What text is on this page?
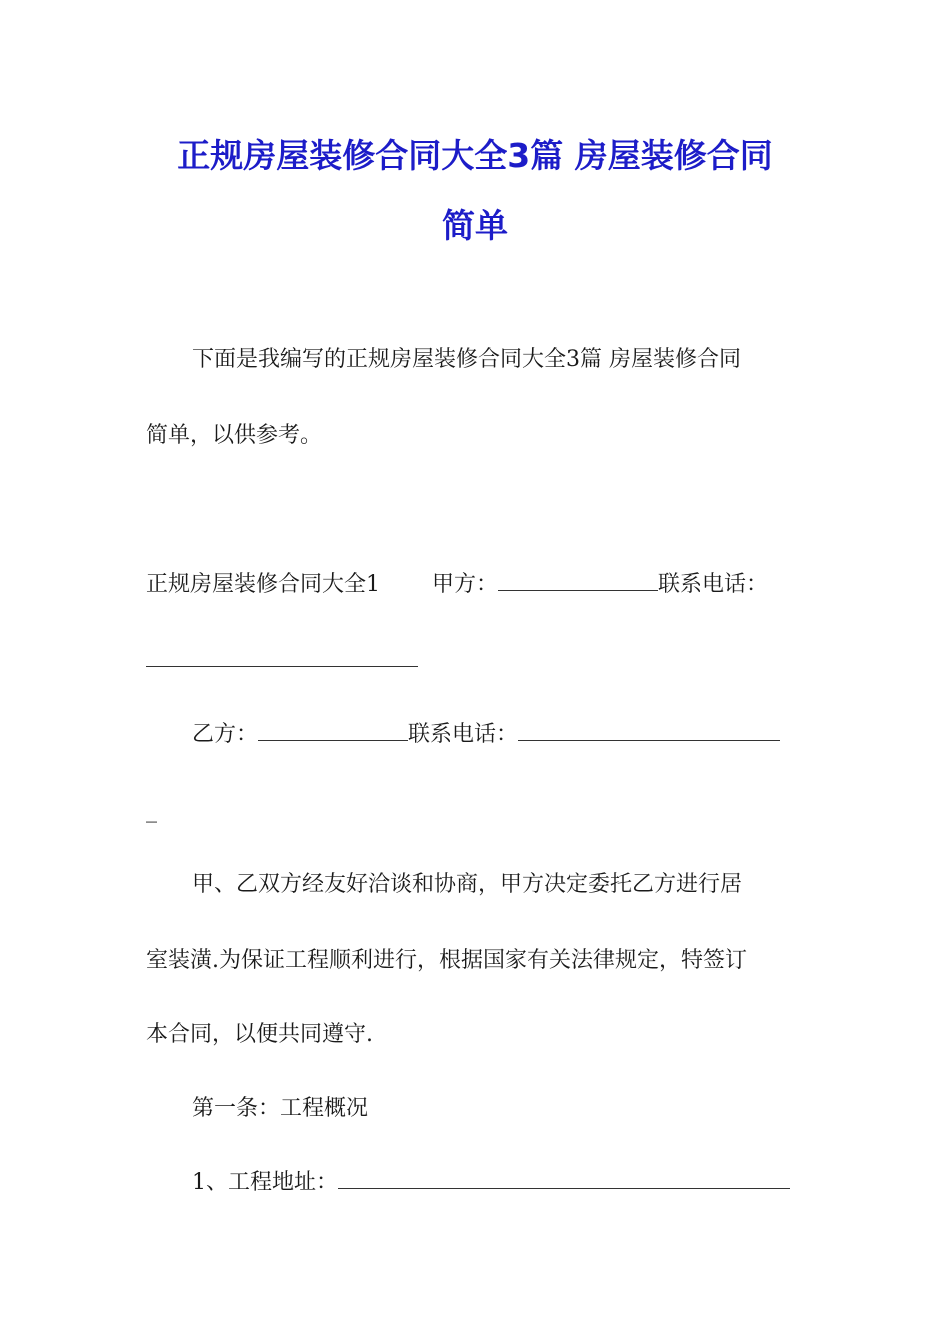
正规房屋装修合同大全3篇 房屋装修合同
简单

下面是我编写的正规房屋装修合同大全3篇 房屋装修合同

简单，以供参考。

正规房屋装修合同大全1 甲方：	联系电话：

乙方：	联系电话：

_

甲、乙双方经友好洽谈和协商，甲方决定委托乙方进行居

室装潢.为保证工程顺利进行，根据国家有关法律规定，特签订

本合同，以便共同遵守.

第一条：工程概况

1、工程地址：
